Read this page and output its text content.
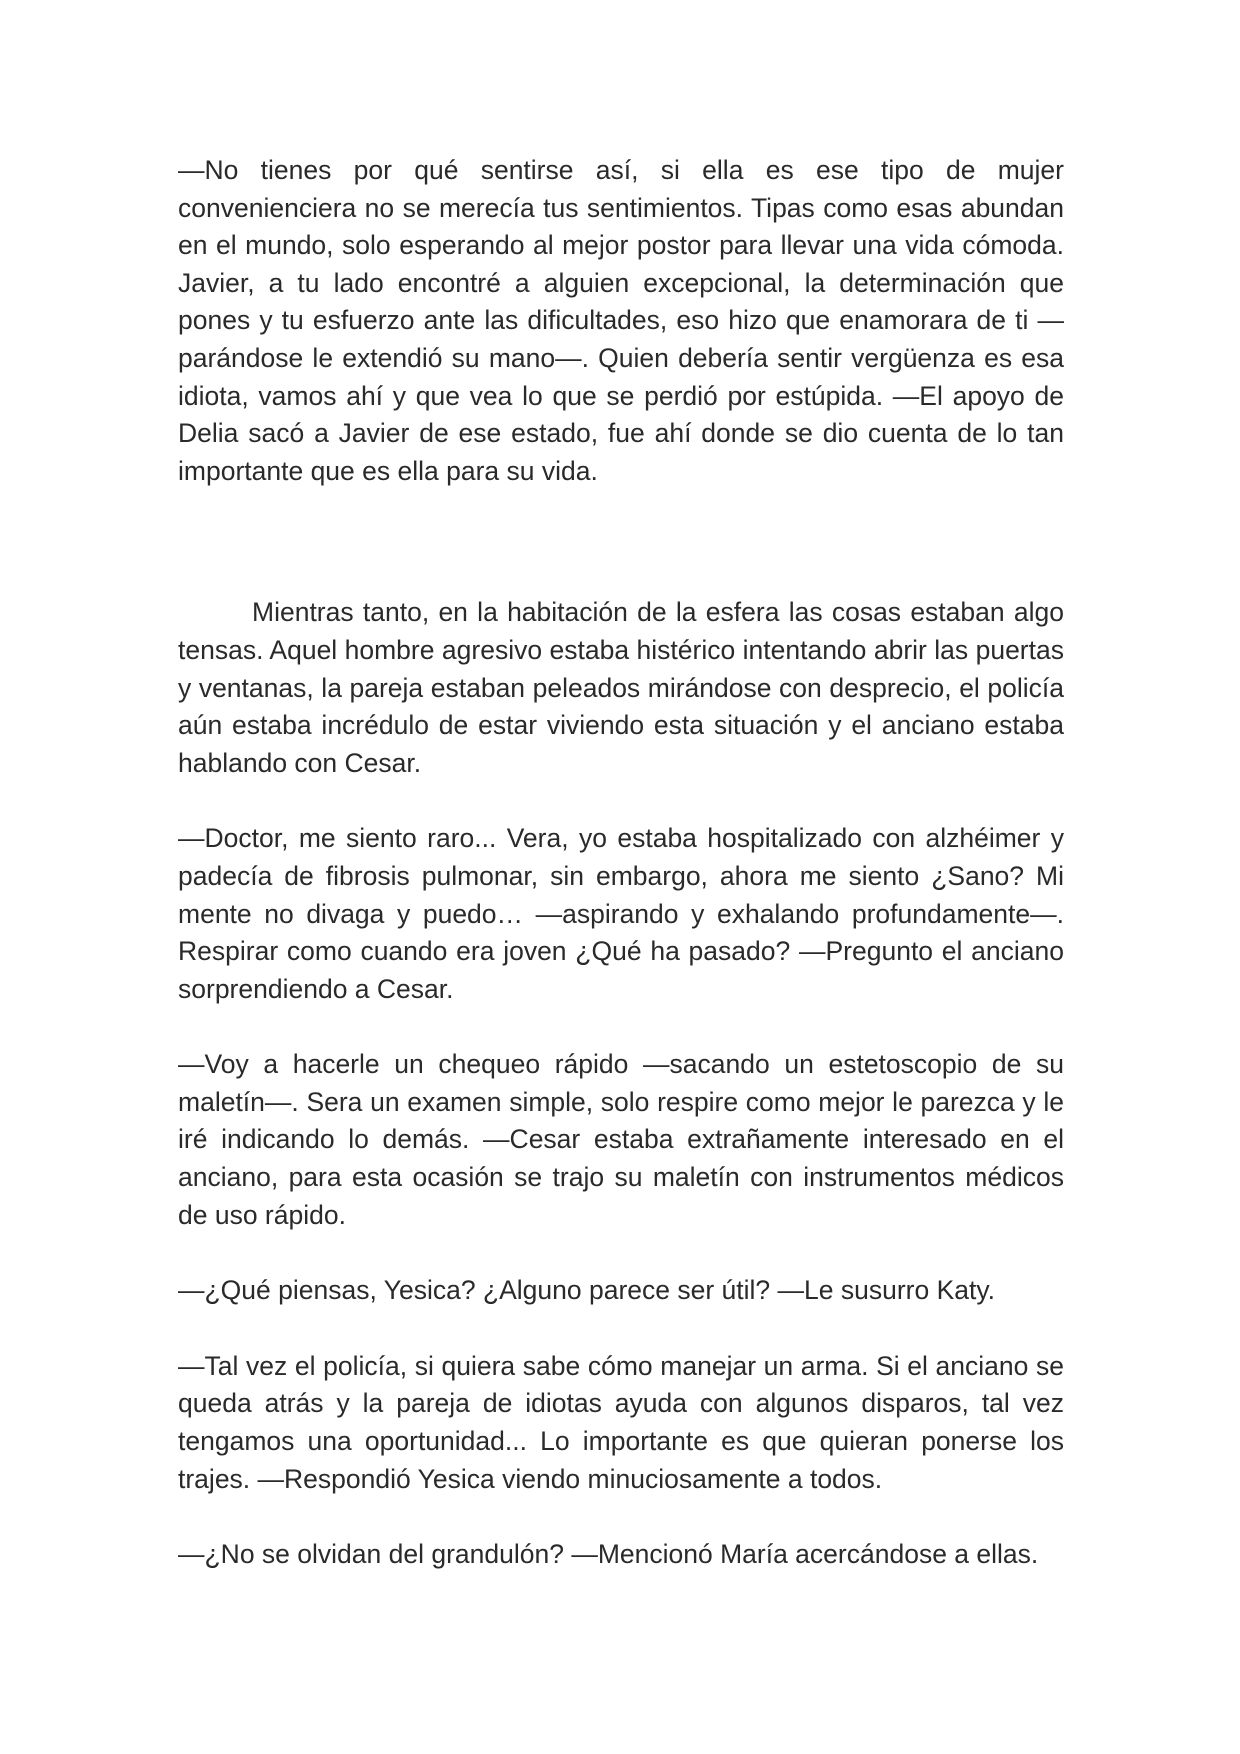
—No tienes por qué sentirse así, si ella es ese tipo de mujer convenienciera no se merecía tus sentimientos. Tipas como esas abundan en el mundo, solo esperando al mejor postor para llevar una vida cómoda. Javier, a tu lado encontré a alguien excepcional, la determinación que pones y tu esfuerzo ante las dificultades, eso hizo que enamorara de ti —parándose le extendió su mano—. Quien debería sentir vergüenza es esa idiota, vamos ahí y que vea lo que se perdió por estúpida. —El apoyo de Delia sacó a Javier de ese estado, fue ahí donde se dio cuenta de lo tan importante que es ella para su vida.

Mientras tanto, en la habitación de la esfera las cosas estaban algo tensas. Aquel hombre agresivo estaba histérico intentando abrir las puertas y ventanas, la pareja estaban peleados mirándose con desprecio, el policía aún estaba incrédulo de estar viviendo esta situación y el anciano estaba hablando con Cesar.

—Doctor, me siento raro... Vera, yo estaba hospitalizado con alzhéimer y padecía de fibrosis pulmonar, sin embargo, ahora me siento ¿Sano? Mi mente no divaga y puedo… —aspirando y exhalando profundamente—. Respirar como cuando era joven ¿Qué ha pasado? —Pregunto el anciano sorprendiendo a Cesar.

—Voy a hacerle un chequeo rápido —sacando un estetoscopio de su maletín—. Sera un examen simple, solo respire como mejor le parezca y le iré indicando lo demás. —Cesar estaba extrañamente interesado en el anciano, para esta ocasión se trajo su maletín con instrumentos médicos de uso rápido.

—¿Qué piensas, Yesica? ¿Alguno parece ser útil? —Le susurro Katy.

—Tal vez el policía, si quiera sabe cómo manejar un arma. Si el anciano se queda atrás y la pareja de idiotas ayuda con algunos disparos, tal vez tengamos una oportunidad... Lo importante es que quieran ponerse los trajes. —Respondió Yesica viendo minuciosamente a todos.

—¿No se olvidan del grandulón? —Mencionó María acercándose a ellas.
